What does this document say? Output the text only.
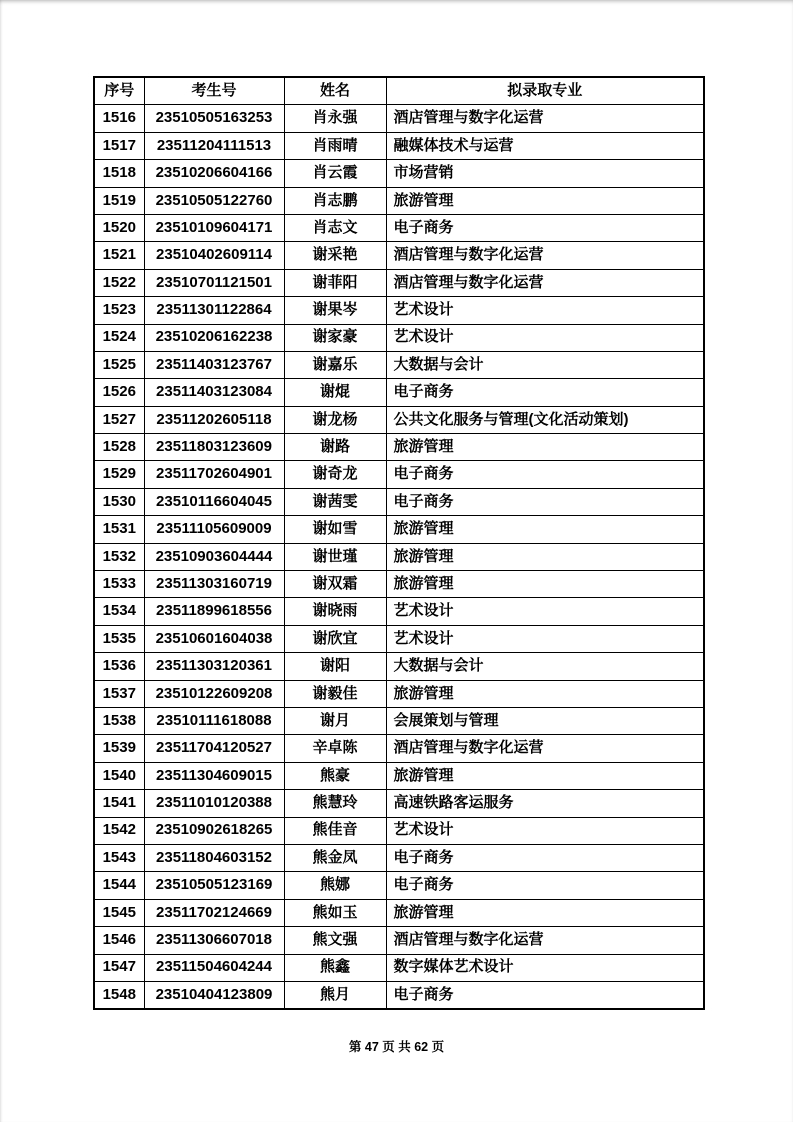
序号	考生号	姓名	拟录取专业
1516	23510505163253	肖永强	酒店管理与数字化运营
1517	23511204111513	肖雨晴	融媒体技术与运营
1518	23510206604166	肖云霞	市场营销
1519	23510505122760	肖志鹏	旅游管理
1520	23510109604171	肖志文	电子商务
1521	23510402609114	谢采艳	酒店管理与数字化运营
1522	23510701121501	谢菲阳	酒店管理与数字化运营
1523	23511301122864	谢果岑	艺术设计
1524	23510206162238	谢家豪	艺术设计
1525	23511403123767	谢嘉乐	大数据与会计
1526	23511403123084	谢焜	电子商务
1527	23511202605118	谢龙杨	公共文化服务与管理(文化活动策划)
1528	23511803123609	谢路	旅游管理
1529	23511702604901	谢奇龙	电子商务
1530	23510116604045	谢茜雯	电子商务
1531	23511105609009	谢如雪	旅游管理
1532	23510903604444	谢世瑾	旅游管理
1533	23511303160719	谢双霜	旅游管理
1534	23511899618556	谢晓雨	艺术设计
1535	23510601604038	谢欣宜	艺术设计
1536	23511303120361	谢阳	大数据与会计
1537	23510122609208	谢毅佳	旅游管理
1538	23510111618088	谢月	会展策划与管理
1539	23511704120527	辛卓陈	酒店管理与数字化运营
1540	23511304609015	熊豪	旅游管理
1541	23511010120388	熊慧玲	高速铁路客运服务
1542	23510902618265	熊佳音	艺术设计
1543	23511804603152	熊金凤	电子商务
1544	23510505123169	熊娜	电子商务
1545	23511702124669	熊如玉	旅游管理
1546	23511306607018	熊文强	酒店管理与数字化运营
1547	23511504604244	熊鑫	数字媒体艺术设计
1548	23510404123809	熊月	电子商务
第 47 页 共 62 页
